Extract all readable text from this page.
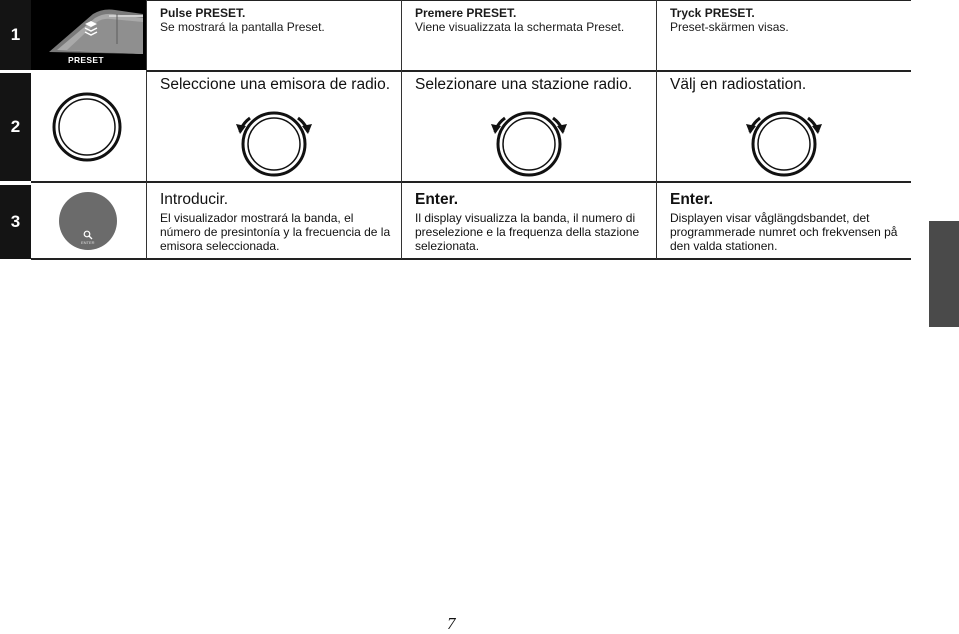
1
2
3
PRESET
Pulse PRESET.
Se mostrará la pantalla Preset.
Premere PRESET.
Viene visualizzata la schermata Preset.
Tryck PRESET.
Preset-skärmen visas.
Seleccione una emisora de radio. Selezionare una stazione radio. Välj en radiostation.
ENTER
Introducir.
El visualizador mostrará la banda, el
número de presintonía y la frecuencia de la
emisora seleccionada.
Enter.
Il display visualizza la banda, il numero di
preselezione e la frequenza della stazione
selezionata.
Enter.
Displayen visar våglängdsbandet, det
programmerade numret och frekvensen på
den valda stationen.
7
